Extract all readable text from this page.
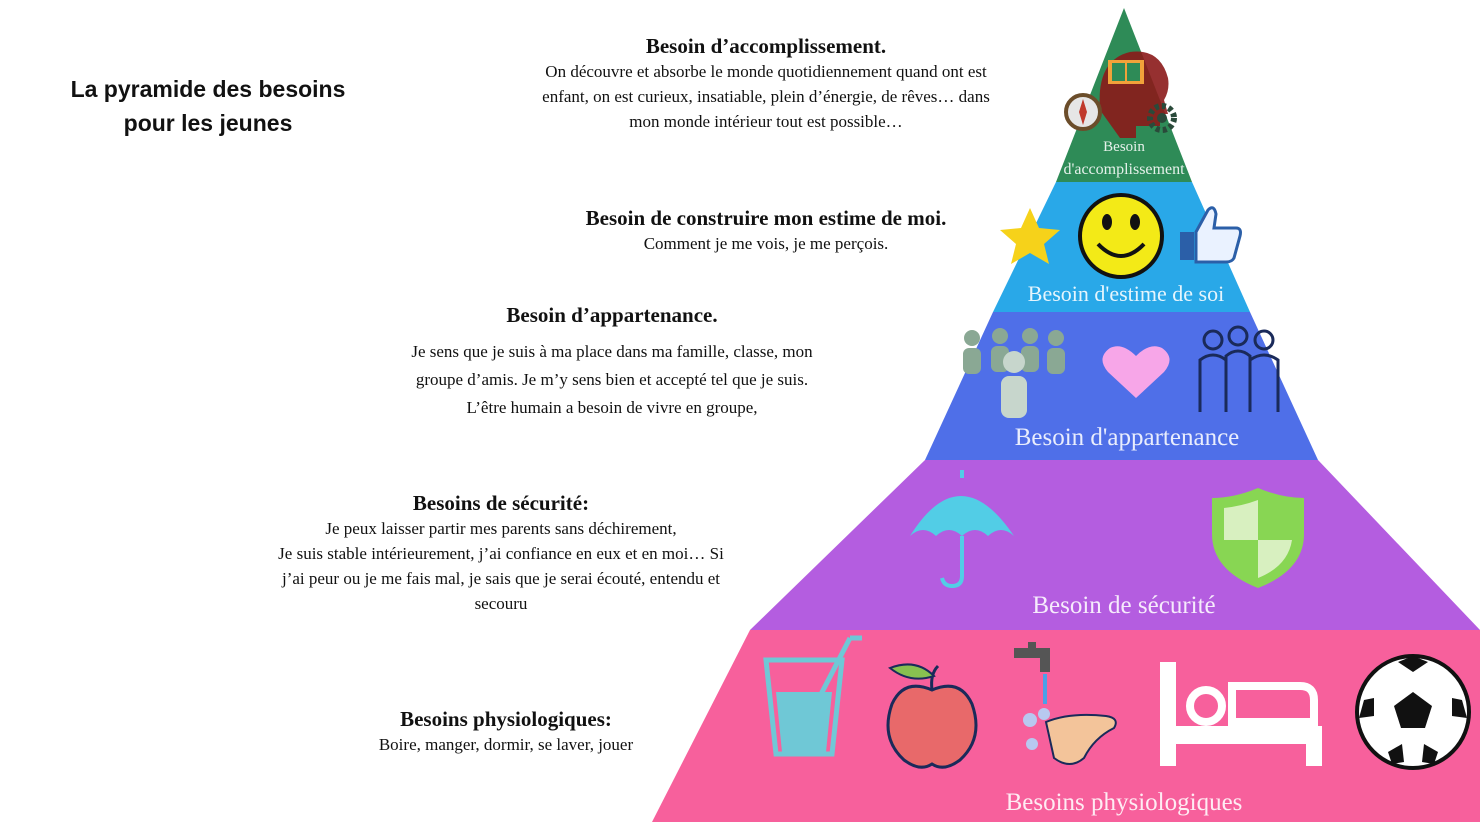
La pyramide des besoins
pour les jeunes
Besoin d’accomplissement.
On découvre et absorbe le monde quotidiennement quand ont est
enfant, on est curieux, insatiable, plein d’énergie, de rêves… dans
mon monde intérieur tout est possible…
Besoin de construire mon estime de moi.
Comment je me vois, je me perçois.
Besoin d’appartenance.
Je sens que je suis à ma place dans ma famille, classe, mon
groupe d’amis. Je m’y sens bien et accepté tel que je suis.
L’être humain a besoin de vivre en groupe,
Besoins de sécurité:
Je peux laisser partir mes parents sans déchirement,
Je suis stable intérieurement, j’ai confiance en eux et en moi… Si
j’ai peur ou je me fais mal, je sais que je serai écouté, entendu et
secouru
Besoins physiologiques:
Boire, manger, dormir, se laver, jouer
Besoin
d'accomplissement
Besoin d'estime de soi
Besoin d'appartenance
Besoin de sécurité
Besoins physiologiques
